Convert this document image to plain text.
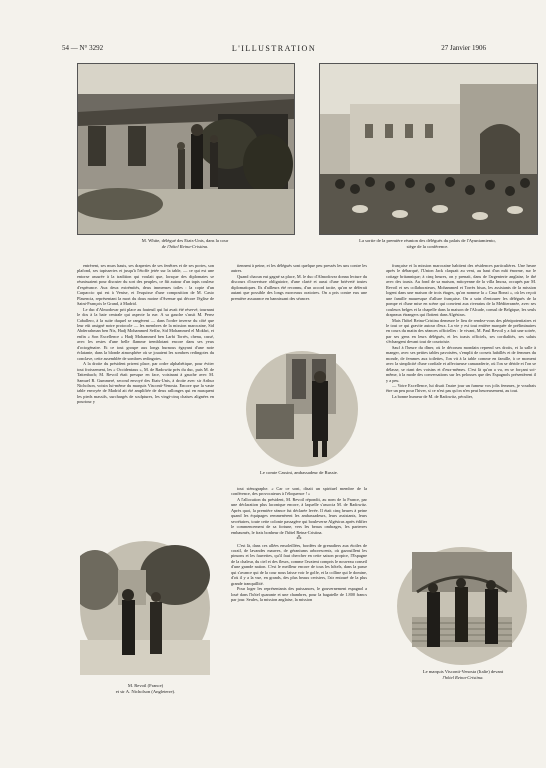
54 — N° 3292	L'ILLUSTRATION	27 Janvier 1906
M. White, délégué des Etats-Unis, dans la cour
de l'hôtel Reina-Cristina.
La sortie de la première réunion des délégués du palais de l'Ayuntamiento,
siège de la conférence.

entrèrent, ses murs hauts, ses draperies de ses fenêtres et de ses portes, son plafond, ses tapisseries et jusqu'à l'étoffe jetée sur la table, — ce qui est une entorse assurée à la tradition qui voulait que, lorsque des diplomates se réunissaient pour discuter du sort des peuples, ce fût autour d'un tapis couleur d'espérance. Aux deux extrémités, deux immenses toiles : la copie d'un Carpaccio qui est à Venise, et l'esquisse d'une composition de M. Casto Plasencia, représentant la mort du doux moine d'Avenue qui décore l'église de Saint-François le Grand, à Madrid.

Le duc d'Almodovar prit place au fauteuil qui lui avait été réservé, tournant le dos à la baie centrale qui aspecte la rue. A sa gauche s'assit M. Perez Caballero, à la suite duquel se rangèrent — dans l'ordre inverse du côté que leur eût assigné notre protocole — les membres de la mission marocaine, Sid Abderrahman ben Nis, Hadj Mohammed Seffar, Sid Mohammed el Mokhri, et enfin « Son Excellence » Hadj Mohammed ben Larbi Torrès, chenu, cassé, avec les restes d'une belle flamme tremblotant encore dans ses yeux d'octogénaire. Et ce tout groupe aux longs burnous égayant d'une note éclatante, dans la blonde atmosphère où se jouaient les sombres redingotes du conclave, cette assemblée de sombres redingotes.

A la droite du président prirent place, par ordre alphabétique, pour éviter tout froissement, les « Occidentaux », M. de Radowitz près du duc, puis M. de Tattenbach; M. Revoil était presque en face, voisinant à gauche avec M. Samuel R. Gummeré, second envoyé des Etats-Unis, à droite avec sir Arthur Nicholson, voisin lui-même du marquis Visconti-Venosta. Encore que la vaste table envoyée de Madrid ait été amplifiée de deux rallonges qui en masquent les pieds massifs, surchargés de sculptures, les vingt-cinq chaises alignées en pourtour y

tiennent à peine, et les délégués sont quelque peu pressés les uns contre les autres.

Quand chacun eut gagné sa place, M. le duc d'Almodovar donna lecture du discours d'ouverture obligatoire, d'une clarté et aussi d'une brièveté toutes diplomatiques. Ils d'ailleurs été reconnu, d'un accord tacite, qu'on se déferait autant que possible des longs morceaux oratoires. On a pris contre eux une première assurance en bannissant des séances

Le comte Cassini, ambassadeur de Russie.

tout sténographe. « Car ce sont, disait un spirituel membre de la conférence, des provocateurs à l'éloquence ! »

A l'allocution du président, M. Revoil répondit, au nom de la France, par une déclaration plus laconique encore, à laquelle s'associa M. de Radowitz. Après quoi, la première séance fut déclarée levée. Il était cinq heures à peine quand les équipages remmenèrent les ambassadeurs, leurs assistants, leurs secrétaires, toute cette colonie passagère qui bouleverse Algésiras après édifier le commencement de sa fortune, vers les beaux ombrages, les parterres embaumés, le frais bonheur de l'hôtel Reina-Cristina.

⁂

C'est là, dans ces allées ensoleillées, bordées de grenadiers aux étoiles de corail, de lavandes mauves, de géraniums arborescents, où gazouillent les pinsons et les fauvettes, qu'il faut chercher en cette saison propice, l'Espagne de la chaleur, du ciel et des fleurs, comme l'avaient compris le nouveau conseil d'une grande nation. C'est le meilleur encore de tous les hôtels, dans la passe qui s'avance qui de la cour nous laisse voir le golfe, et la colline qui le domine, d'où il y a la vue, en grands, des plus beaux cerisiers, l'air entouré de la plus grande tranquillité.

Pour loger les représentants des puissances, le gouvernement espagnol a loué dans l'hôtel quarante et une chambres, pour la bagatelle de 1.800 francs par jour. Seules, la mission anglaise, la mission

française et la mission marocaine habitent des résidences particulières. Une heure après le débarqué, l'Union Jack claquait au vent, au haut d'un mât énorme, sur le cottage britannique; à cinq heures, on y prenait, dans de l'argenterie anglaise, le thé avec des toasts. Au fond de sa maison, mitoyenne de la villa Imosa, occupés par M. Revoil et ses collaborateurs, Mohammed et Torrès bisas, les assistants de la mission logent dans une maison de trois étages, qu'on nomme la « Casa Bonzi », où les reçoit une famille mauresque d'allure française. On a soin d'entourer les délégués de la pompe et d'une mise en scène qui convient aux riverains de la Méditerranée, avec ses couleurs belges et la chapelle dans la maison de l'Alcade, consul de Belgique, les seuls drapeaux étrangers qui flottent dans Algésiras.

Mais l'hôtel Reina-Cristina demeure le lieu de rendez-vous des plénipotentiaires et le tout ce qui gravite autour d'eux. La vie y est tout entière marquée de préliminaires en cours du matin des séances officielles : le vivant, M. Paul Revoil y a fait une soirée, par ses gens en leurs délégués, et les toasts officiels, ses cordialités, ses saluts s'échangent devant tout de courtoisie.

Sauf à l'heure du dîner, où le décorum mondain reprend ses droits, et la salle à manger, avec ses petites tables pavoisées, s'emplit de corsets habillés et de femmes du monde, de femmes aux toilettes, l'on vit à la table comme en famille, à ce moment avec la simplicité d'une cordiale et affectueuse camaraderie, où l'on se déride et l'on se délasse, se riant des voisins et d'eux-mêmes. C'est là qu'on a vu, en se forçant soi-même, à la mode des conversations sur les pelouses que des Espagnols présentèrent il y a peu.

— Votre Excellence, lui disait l'autre jour un fumeur vos jolis femmes, je voudrais être un peu pour l'hiver, si ce n'est pas qu'on n'en peut heureusement, au tout.

La bonne humeur de M. de Radowitz, péculier,

M. Revoil (France)
et sir A. Nicholson (Angleterre).
Le marquis Visconti-Venosta (Italie) devant
l'hôtel Reina-Cristina.
